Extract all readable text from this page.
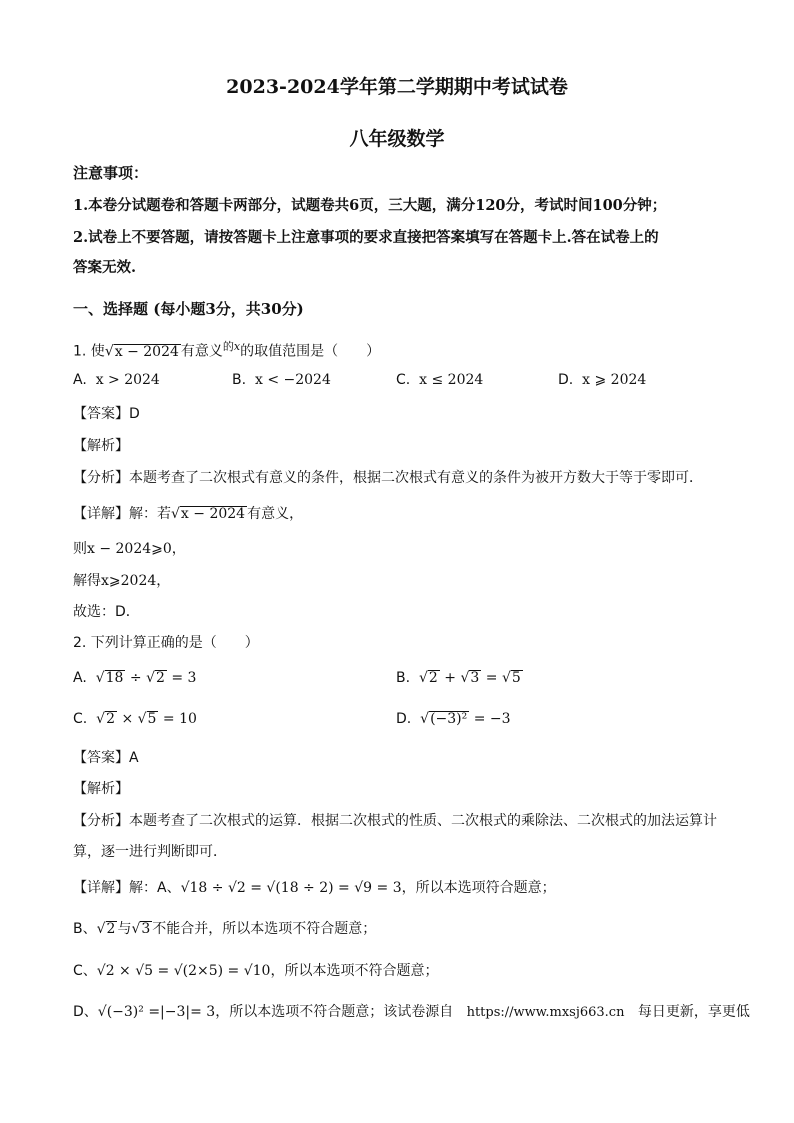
2023-2024学年第二学期期中考试试卷
八年级数学
注意事项：
1.本卷分试题卷和答题卡两部分，试题卷共6页，三大题，满分120分，考试时间100分钟；
2.试卷上不要答题，请按答题卡上注意事项的要求直接把答案填写在答题卡上.答在试卷上的
答案无效.
一、选择题 (每小题3分，共30分)
1. 使√x − 2024 有意义$^{的x}$的取值范围是（　　）
A. x > 2024	B. x < −2024	C. x ≤ 2024	D. x ⩾ 2024
【答案】D
【解析】
【分析】本题考查了二次根式有意义的条件，根据二次根式有意义的条件为被开方数大于等于零即可．
【详解】解：若√x − 2024 有意义，
则x − 2024⩾0，
解得x⩾2024，
故选：D．
2. 下列计算正确的是（　　）
A. √18 ÷ √2 = 3	B. √2 + √3 = √5
C. √2 × √5 = 10	D. √(−3)² = −3
【答案】A
【解析】
【分析】本题考查了二次根式的运算．根据二次根式的性质、二次根式的乘除法、二次根式的加法运算计
算，逐一进行判断即可．
【详解】解：A、√18 ÷ √2 = √(18 ÷ 2) = √9 = 3，所以本选项符合题意；
B、√2 与√3 不能合并，所以本选项不符合题意；
C、√2 × √5 = √(2×5) = √10，所以本选项不符合题意；
D、√(−3)² =|−3|= 3，所以本选项不符合题意；该试卷源自 https://www.mxsj663.cn 每日更新，享更低
